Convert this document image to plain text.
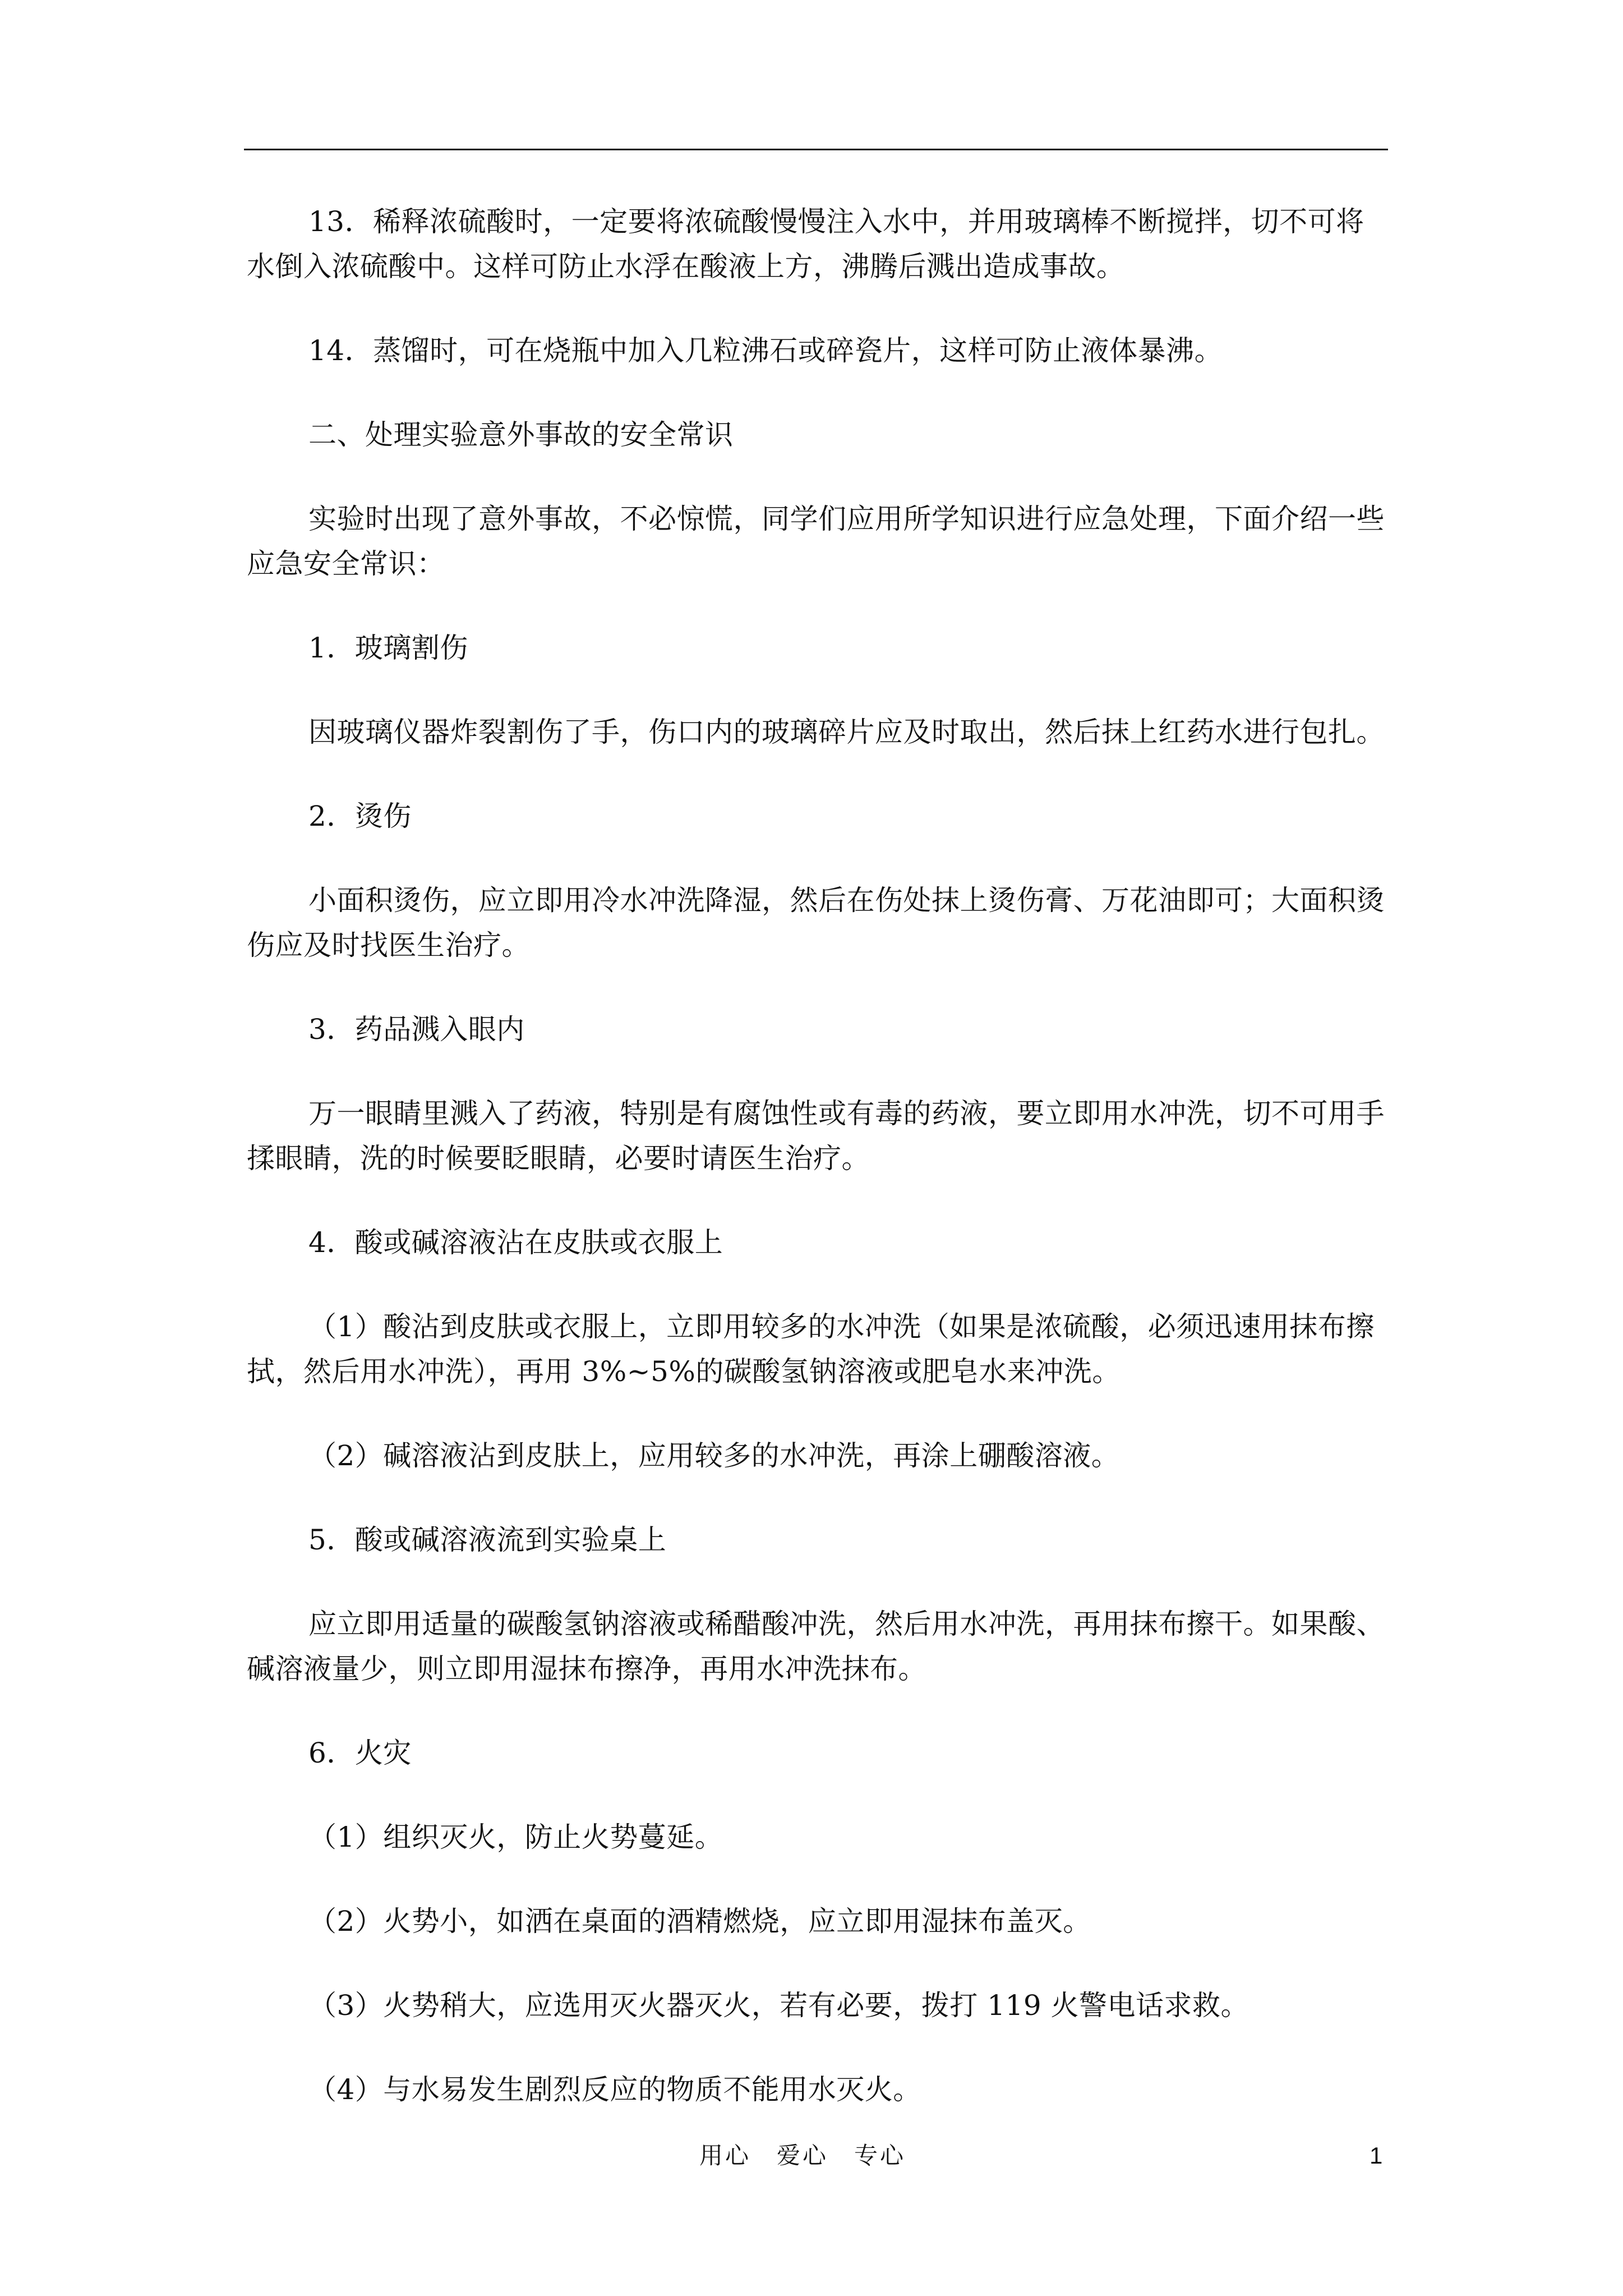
13．稀释浓硫酸时，一定要将浓硫酸慢慢注入水中，并用玻璃棒不断搅拌，切不可将水倒入浓硫酸中。这样可防止水浮在酸液上方，沸腾后溅出造成事故。

14．蒸馏时，可在烧瓶中加入几粒沸石或碎瓷片，这样可防止液体暴沸。

二、处理实验意外事故的安全常识

实验时出现了意外事故，不必惊慌，同学们应用所学知识进行应急处理，下面介绍一些应急安全常识：

1．玻璃割伤

因玻璃仪器炸裂割伤了手，伤口内的玻璃碎片应及时取出，然后抹上红药水进行包扎。

2．烫伤

小面积烫伤，应立即用冷水冲洗降湿，然后在伤处抹上烫伤膏、万花油即可；大面积烫伤应及时找医生治疗。

3．药品溅入眼内

万一眼睛里溅入了药液，特别是有腐蚀性或有毒的药液，要立即用水冲洗，切不可用手揉眼睛，洗的时候要眨眼睛，必要时请医生治疗。

4．酸或碱溶液沾在皮肤或衣服上

（1）酸沾到皮肤或衣服上，立即用较多的水冲洗（如果是浓硫酸，必须迅速用抹布擦拭，然后用水冲洗），再用 3%~5%的碳酸氢钠溶液或肥皂水来冲洗。

（2）碱溶液沾到皮肤上，应用较多的水冲洗，再涂上硼酸溶液。

5．酸或碱溶液流到实验桌上

应立即用适量的碳酸氢钠溶液或稀醋酸冲洗，然后用水冲洗，再用抹布擦干。如果酸、碱溶液量少，则立即用湿抹布擦净，再用水冲洗抹布。

6．火灾

（1）组织灭火，防止火势蔓延。

（2）火势小，如洒在桌面的酒精燃烧，应立即用湿抹布盖灭。

（3）火势稍大，应选用灭火器灭火，若有必要，拨打 119 火警电话求救。

（4）与水易发生剧烈反应的物质不能用水灭火。

用心　爱心　专心	1
